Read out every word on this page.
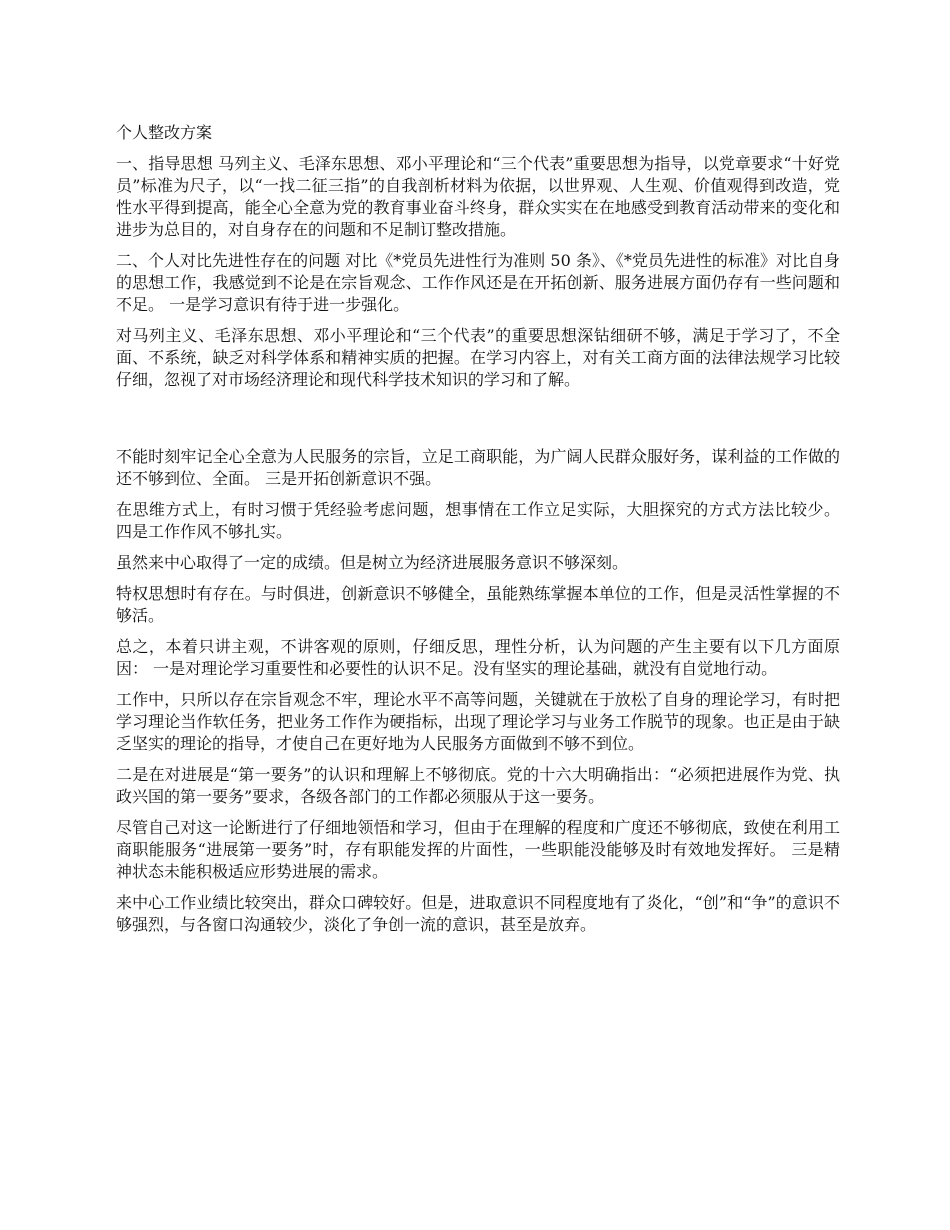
个人整改方案

一、指导思想 马列主义、毛泽东思想、邓小平理论和“三个代表”重要思想为指导，以党章要求“十好党员”标准为尺子，以“一找二征三指”的自我剖析材料为依据，以世界观、人生观、价值观得到改造，党性水平得到提高，能全心全意为党的教育事业奋斗终身，群众实实在在地感受到教育活动带来的变化和进步为总目的，对自身存在的问题和不足制订整改措施。

二、个人对比先进性存在的问题 对比《*党员先进性行为准则 50 条》、《*党员先进性的标准》对比自身的思想工作，我感觉到不论是在宗旨观念、工作作风还是在开拓创新、服务进展方面仍存有一些问题和不足。 一是学习意识有待于进一步强化。

对马列主义、毛泽东思想、邓小平理论和“三个代表”的重要思想深钻细研不够，满足于学习了，不全面、不系统，缺乏对科学体系和精神实质的把握。在学习内容上，对有关工商方面的法律法规学习比较仔细，忽视了对市场经济理论和现代科学技术知识的学习和了解。

不能时刻牢记全心全意为人民服务的宗旨，立足工商职能，为广阔人民群众服好务，谋利益的工作做的还不够到位、全面。 三是开拓创新意识不强。

在思维方式上，有时习惯于凭经验考虑问题，想事情在工作立足实际，大胆探究的方式方法比较少。 四是工作作风不够扎实。

虽然来中心取得了一定的成绩。但是树立为经济进展服务意识不够深刻。

特权思想时有存在。与时俱进，创新意识不够健全，虽能熟练掌握本单位的工作，但是灵活性掌握的不够活。

总之，本着只讲主观，不讲客观的原则，仔细反思，理性分析，认为问题的产生主要有以下几方面原因： 一是对理论学习重要性和必要性的认识不足。没有坚实的理论基础，就没有自觉地行动。

工作中，只所以存在宗旨观念不牢，理论水平不高等问题，关键就在于放松了自身的理论学习，有时把学习理论当作软任务，把业务工作作为硬指标，出现了理论学习与业务工作脱节的现象。也正是由于缺乏坚实的理论的指导，才使自己在更好地为人民服务方面做到不够不到位。

二是在对进展是“第一要务”的认识和理解上不够彻底。党的十六大明确指出：“必须把进展作为党、执政兴国的第一要务”要求，各级各部门的工作都必须服从于这一要务。

尽管自己对这一论断进行了仔细地领悟和学习，但由于在理解的程度和广度还不够彻底，致使在利用工商职能服务“进展第一要务”时，存有职能发挥的片面性，一些职能没能够及时有效地发挥好。 三是精神状态未能积极适应形势进展的需求。

来中心工作业绩比较突出，群众口碑较好。但是，进取意识不同程度地有了炎化，“创”和“争”的意识不够强烈，与各窗口沟通较少，淡化了争创一流的意识，甚至是放弃。
